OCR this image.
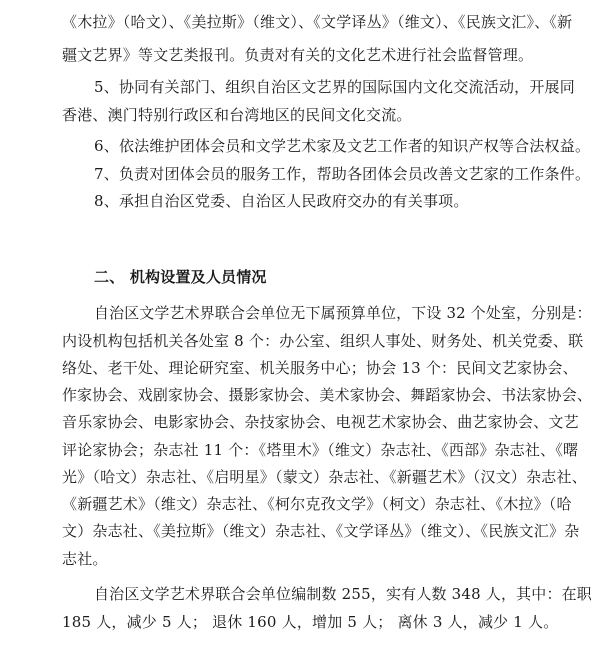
《木拉》（哈文）、《美拉斯》（维文）、《文学译丛》（维文）、《民族文汇》、《新
疆文艺界》等文艺类报刊。负责对有关的文化艺术进行社会监督管理。
5、协同有关部门、组织自治区文艺界的国际国内文化交流活动，开展同
香港、澳门特别行政区和台湾地区的民间文化交流。
6、依法维护团体会员和文学艺术家及文艺工作者的知识产权等合法权益。
7、负责对团体会员的服务工作，帮助各团体会员改善文艺家的工作条件。
8、承担自治区党委、自治区人民政府交办的有关事项。
二、 机构设置及人员情况
自治区文学艺术界联合会单位无下属预算单位，下设 32 个处室，分别是：
内设机构包括机关各处室 8 个：办公室、组织人事处、财务处、机关党委、联
络处、老干处、理论研究室、机关服务中心；协会 13 个：民间文艺家协会、
作家协会、戏剧家协会、摄影家协会、美术家协会、舞蹈家协会、书法家协会、
音乐家协会、电影家协会、杂技家协会、电视艺术家协会、曲艺家协会、文艺
评论家协会；杂志社 11 个：《塔里木》（维文）杂志社、《西部》杂志社、《曙
光》（哈文）杂志社、《启明星》（蒙文）杂志社、《新疆艺术》（汉文）杂志社、
《新疆艺术》（维文）杂志社、《柯尔克孜文学》（柯文）杂志社、《木拉》（哈
文）杂志社、《美拉斯》（维文）杂志社、《文学译丛》（维文）、《民族文汇》杂
志社。
自治区文学艺术界联合会单位编制数 255，实有人数 348 人，其中：在职
185 人，减少 5 人； 退休 160 人，增加 5 人； 离休 3 人，减少 1 人。
